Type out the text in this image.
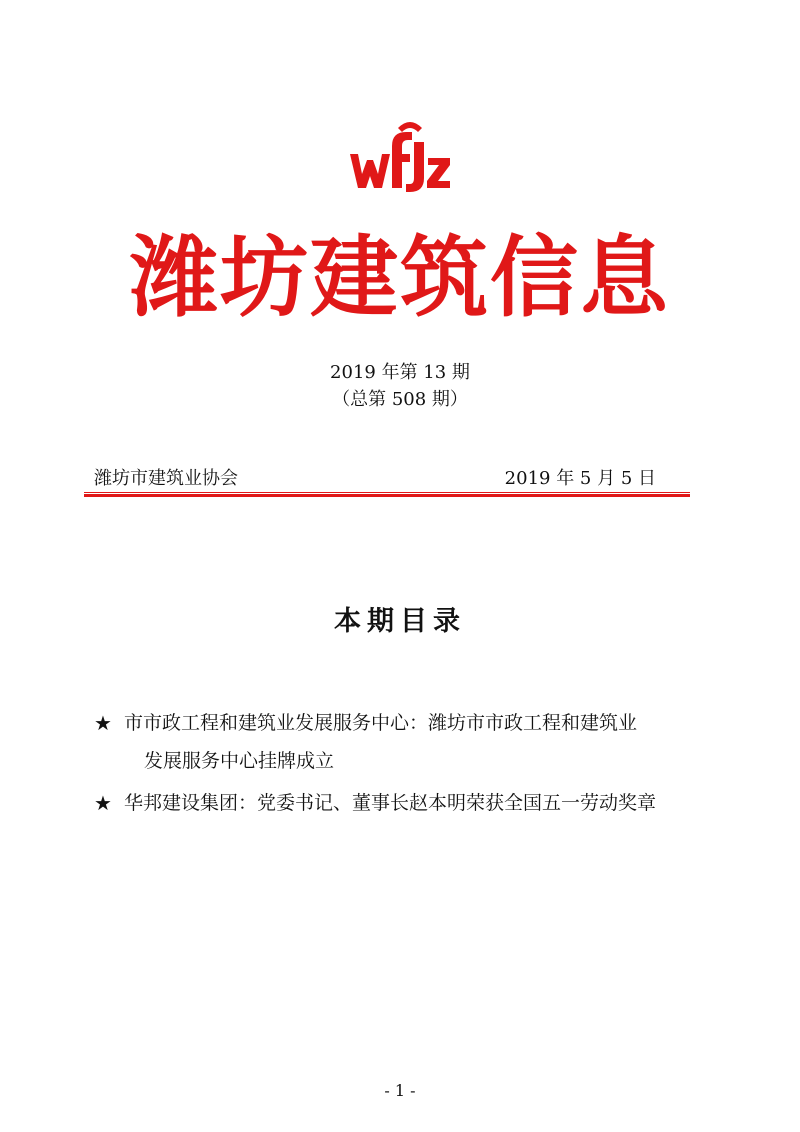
潍坊建筑信息
2019 年第 13 期
（总第 508 期）
潍坊市建筑业协会	2019 年 5 月 5 日
本期目录
★ 市市政工程和建筑业发展服务中心：潍坊市市政工程和建筑业
发展服务中心挂牌成立
★ 华邦建设集团：党委书记、董事长赵本明荣获全国五一劳动奖章
- 1 -
